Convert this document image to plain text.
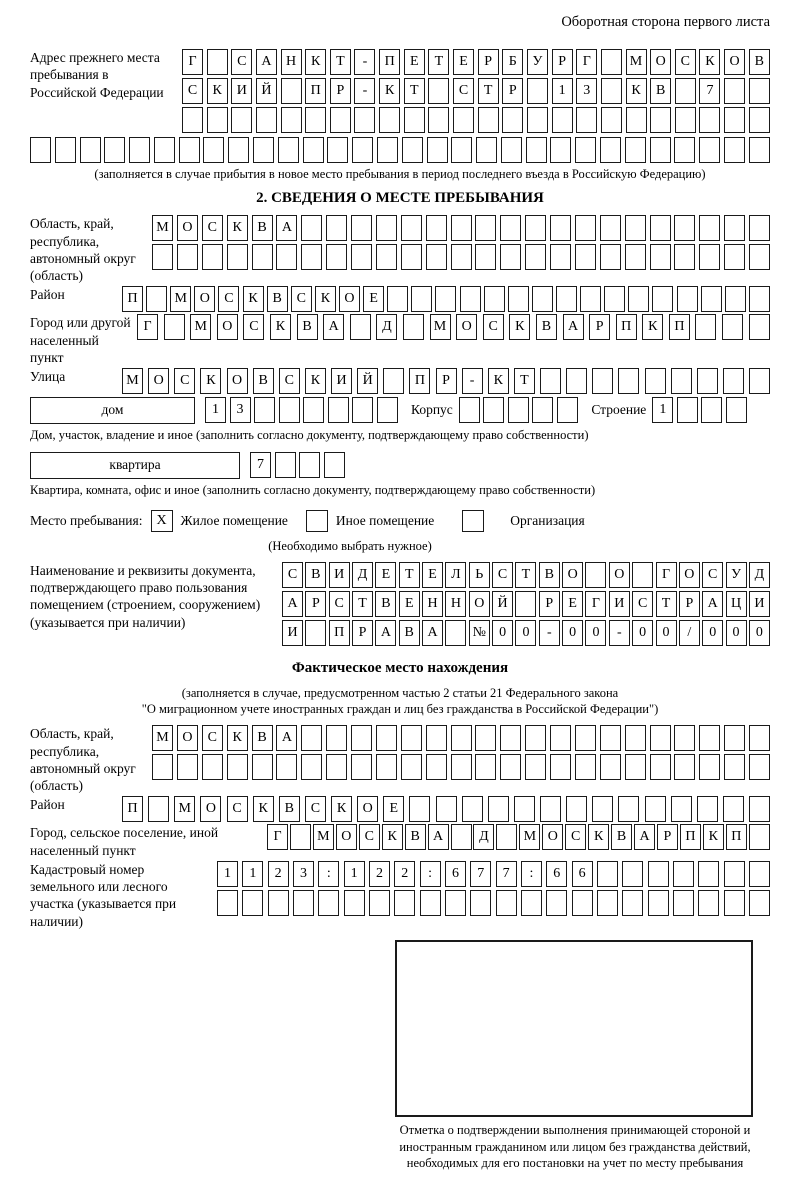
Оборотная сторона первого листа
Адрес прежнего места пребывания в Российской Федерации
Г	С	А	Н	К	Т	-	П	Е	Т	Е	Р	Б	У	Р	Г	М О	С	К	О	В
С	К	И	Й	П	Р	-	К	Т	С	Т	Р	1	3	К	В	7
(заполняется в случае прибытия в новое место пребывания в период последнего въезда в Российскую Федерацию)
2. СВЕДЕНИЯ О МЕСТЕ ПРЕБЫВАНИЯ
Область, край, республика, автономный округ (область)
М О	С	К	В	А
Район	П	М О	С	К	В	С	К	О	Е
Город или другой населенный пункт
Г	М	О	С	К	В	А	Д	М	О	С	К	В	А	Р	П	К	П
Улица	М	О	С	К	О	В	С	К	И	Й	П	Р	-	К	Т
дом	1	3	Корпус	Строение 1
Дом, участок, владение и иное (заполнить согласно документу, подтверждающему право собственности)
квартира	7
Квартира, комната, офис и иное (заполнить согласно документу, подтверждающему право собственности)
Место пребывания: X	Жилое помещение	Иное помещение	Организация
(Необходимо выбрать нужное)
Наименование и реквизиты документа, подтверждающего право пользования помещением (строением, сооружением) (указывается при наличии)
С	В И Д	Е	Т	Е	Л	Ь	С	Т	В О	О	Г	О С У Д
А	Р	С	Т	В	Е	Н Н О Й	Р	Е	Г	И С	Т	Р	А Ц И
И	П	Р	А В А	№ 0	0	-	0	0	-	0	0	/	0	0	0
Фактическое место нахождения
(заполняется в случае, предусмотренном частью 2 статьи 21 Федерального закона
"О миграционном учете иностранных граждан и лиц без гражданства в Российской Федерации")
Область, край, республика, автономный округ (область)
М О	С	К	В	А
Район	П	М	О	С	К	В	С	К	О	Е
Город, сельское поселение, иной населенный пункт
Г	М О С К В А	Д	М О С К В А Р П К П
Кадастровый номер земельного или лесного участка (указывается при наличии)
1	1	2	3	:	1	2	2	:	6	7	7	:	6	6
Отметка о подтверждении выполнения принимающей стороной и иностранным гражданином или лицом без гражданства действий, необходимых для его постановки на учет по месту пребывания
